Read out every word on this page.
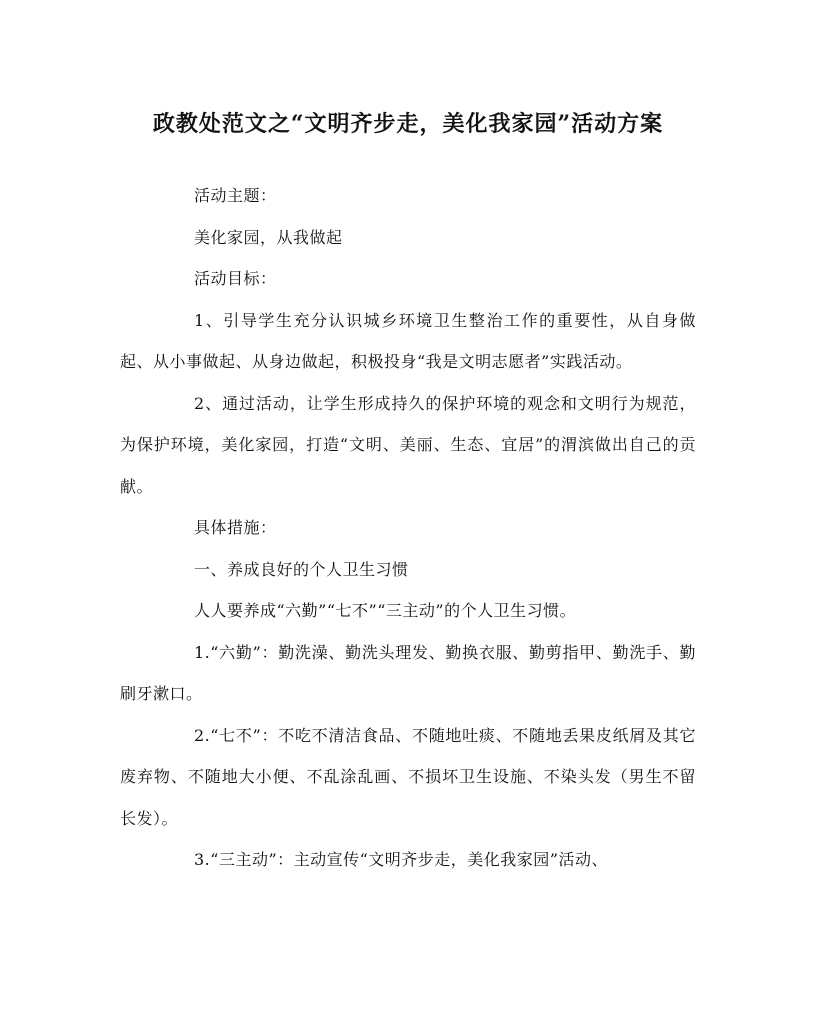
政教处范文之“文明齐步走，美化我家园”活动方案

活动主题：

美化家园，从我做起

活动目标：

1、引导学生充分认识城乡环境卫生整治工作的重要性，从自身做起、从小事做起、从身边做起，积极投身“我是文明志愿者”实践活动。

2、通过活动，让学生形成持久的保护环境的观念和文明行为规范，为保护环境，美化家园，打造“文明、美丽、生态、宜居”的渭滨做出自己的贡献。

具体措施：

一、养成良好的个人卫生习惯

人人要养成“六勤”“七不”“三主动”的个人卫生习惯。

1.“六勤”：勤洗澡、勤洗头理发、勤换衣服、勤剪指甲、勤洗手、勤刷牙漱口。

2.“七不”：不吃不清洁食品、不随地吐痰、不随地丢果皮纸屑及其它废弃物、不随地大小便、不乱涂乱画、不损坏卫生设施、不染头发（男生不留长发）。

3.“三主动”：主动宣传“文明齐步走，美化我家园”活动、
